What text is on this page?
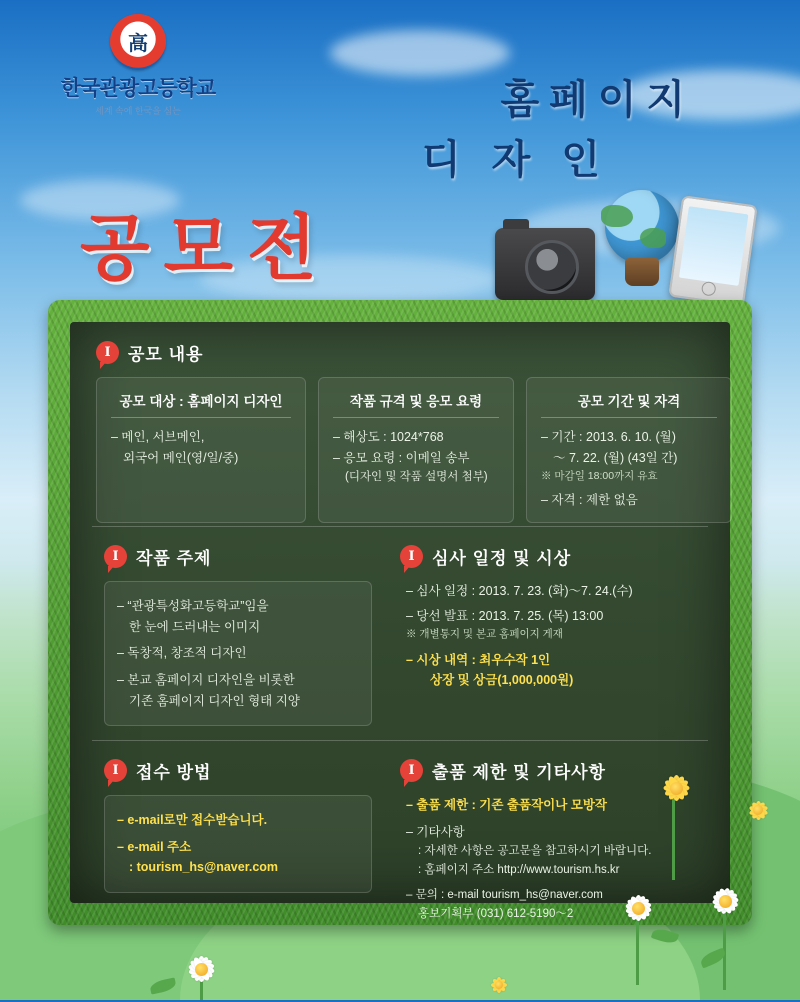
高
한국관광고등학교
세계 속에 한국을 심는	홈페이지
디 자 인
공모전
I	공모 내용
공모 대상 : 홈페이지 디자인
– 메인, 서브메인,
외국어 메인(영/일/중)
작품 규격 및 응모 요령
– 해상도 : 1024*768
– 응모 요령 : 이메일 송부
(디자인 및 작품 설명서 첨부)
공모 기간 및 자격
– 기간 : 2013. 6. 10. (월)
～ 7. 22. (월) (43일 간)
※ 마감일 18:00까지 유효
– 자격 : 제한 없음
I	작품 주제
– “관광특성화고등학교”임을
한 눈에 드러내는 이미지
– 독창적, 창조적 디자인
– 본교 홈페이지 디자인을 비롯한
기존 홈페이지 디자인 형태 지양
I	심사 일정 및 시상
– 심사 일정 : 2013. 7. 23. (화)～7. 24.(수)
– 당선 발표 : 2013. 7. 25. (목) 13:00
※ 개별통지 및 본교 홈페이지 게재
– 시상 내역 : 최우수작 1인
상장 및 상금(1,000,000원)
I	접수 방법
– e-mail로만 접수받습니다.
– e-mail 주소
: tourism_hs@naver.com
I	출품 제한 및 기타사항
– 출품 제한 : 기존 출품작이나 모방작
– 기타사항
: 자세한 사항은 공고문을 참고하시기 바랍니다.
: 홈페이지 주소 http://www.tourism.hs.kr
– 문의 : e-mail tourism_hs@naver.com
홍보기획부 (031) 612-5190～2
